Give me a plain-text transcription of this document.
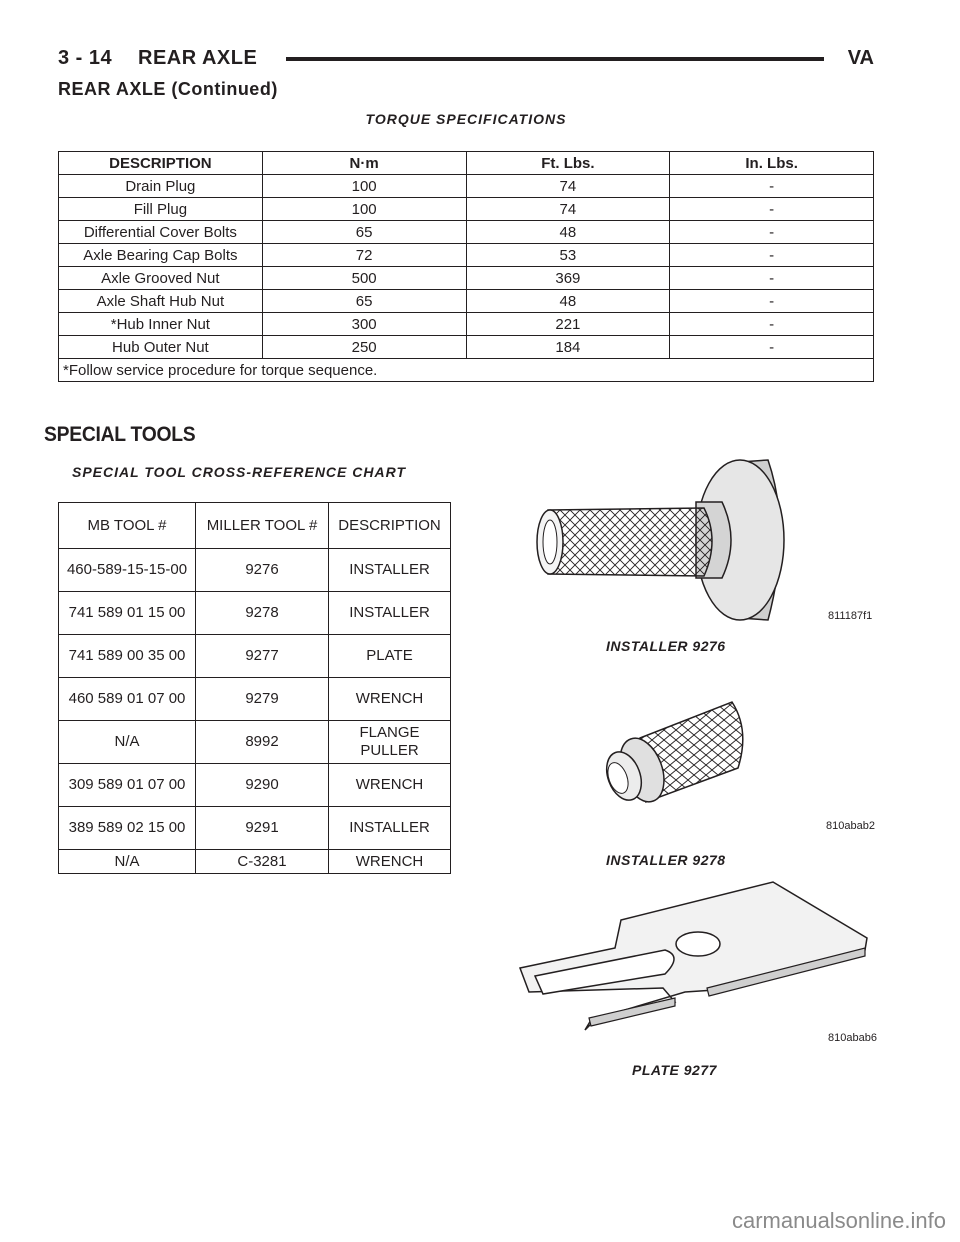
3 - 14 REAR AXLE	VA
REAR AXLE (Continued)
TORQUE SPECIFICATIONS
DESCRIPTION	N·m	Ft. Lbs.	In. Lbs.
Drain Plug	100	74	-
Fill Plug	100	74	-
Differential Cover Bolts	65	48	-
Axle Bearing Cap Bolts	72	53	-
Axle Grooved Nut	500	369	-
Axle Shaft Hub Nut	65	48	-
*Hub Inner Nut	300	221	-
Hub Outer Nut	250	184	-
*Follow service procedure for torque sequence.			
SPECIAL TOOLS
SPECIAL TOOL CROSS-REFERENCE CHART
MB TOOL #	MILLER TOOL #	DESCRIPTION
460-589-15-15-00	9276	INSTALLER
741 589 01 15 00	9278	INSTALLER
741 589 00 35 00	9277	PLATE
460 589 01 07 00	9279	WRENCH
N/A	8992	FLANGE PULLER
309 589 01 07 00	9290	WRENCH
389 589 02 15 00	9291	INSTALLER
N/A	C-3281	WRENCH
811187f1
INSTALLER 9276
810abab2
INSTALLER 9278
810abab6
PLATE 9277
carmanualsonline.info
